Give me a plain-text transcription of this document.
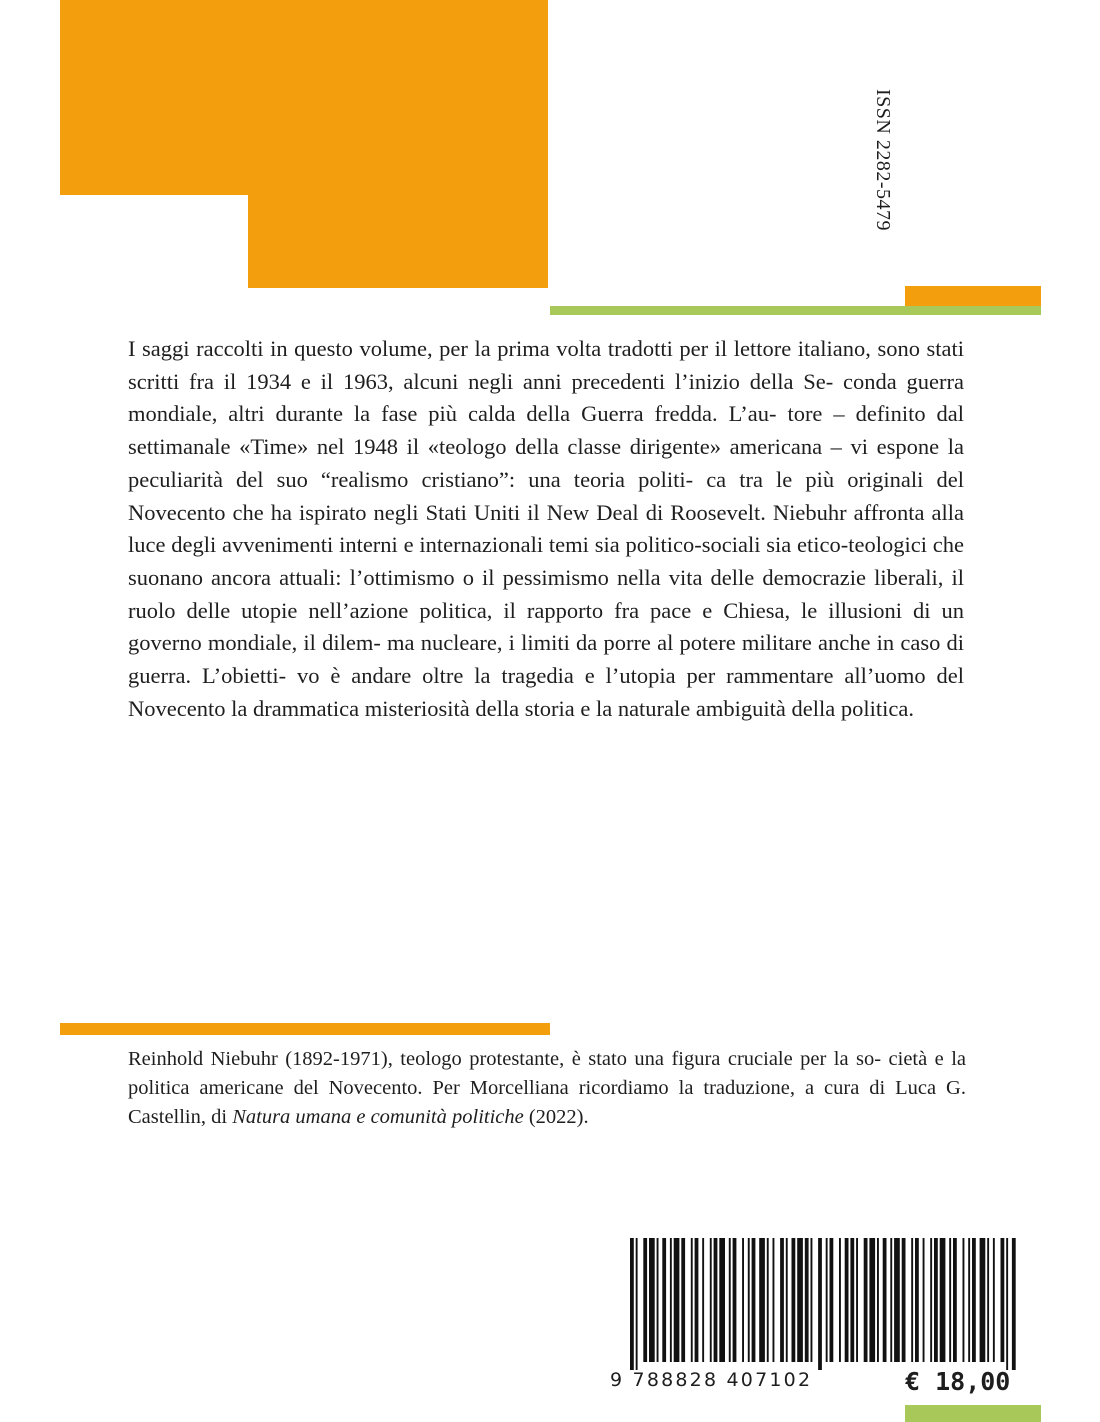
ISSN 2282-5479

I saggi raccolti in questo volume, per la prima volta tradotti per il lettore italiano, sono stati scritti fra il 1934 e il 1963, alcuni negli anni precedenti l’inizio della Se- conda guerra mondiale, altri durante la fase più calda della Guerra fredda. L’au- tore – definito dal settimanale «Time» nel 1948 il «teologo della classe dirigente» americana – vi espone la peculiarità del suo “realismo cristiano”: una teoria politi- ca tra le più originali del Novecento che ha ispirato negli Stati Uniti il New Deal di Roosevelt. Niebuhr affronta alla luce degli avvenimenti interni e internazionali temi sia politico-sociali sia etico-teologici che suonano ancora attuali: l’ottimismo o il pessimismo nella vita delle democrazie liberali, il ruolo delle utopie nell’azione politica, il rapporto fra pace e Chiesa, le illusioni di un governo mondiale, il dilem- ma nucleare, i limiti da porre al potere militare anche in caso di guerra. L’obietti- vo è andare oltre la tragedia e l’utopia per rammentare all’uomo del Novecento la drammatica misteriosità della storia e la naturale ambiguità della politica.

Reinhold Niebuhr (1892-1971), teologo protestante, è stato una figura cruciale per la so- cietà e la politica americane del Novecento. Per Morcelliana ricordiamo la traduzione, a cura di Luca G. Castellin, di Natura umana e comunità politiche (2022).

9 788828 407102	€ 18,00
